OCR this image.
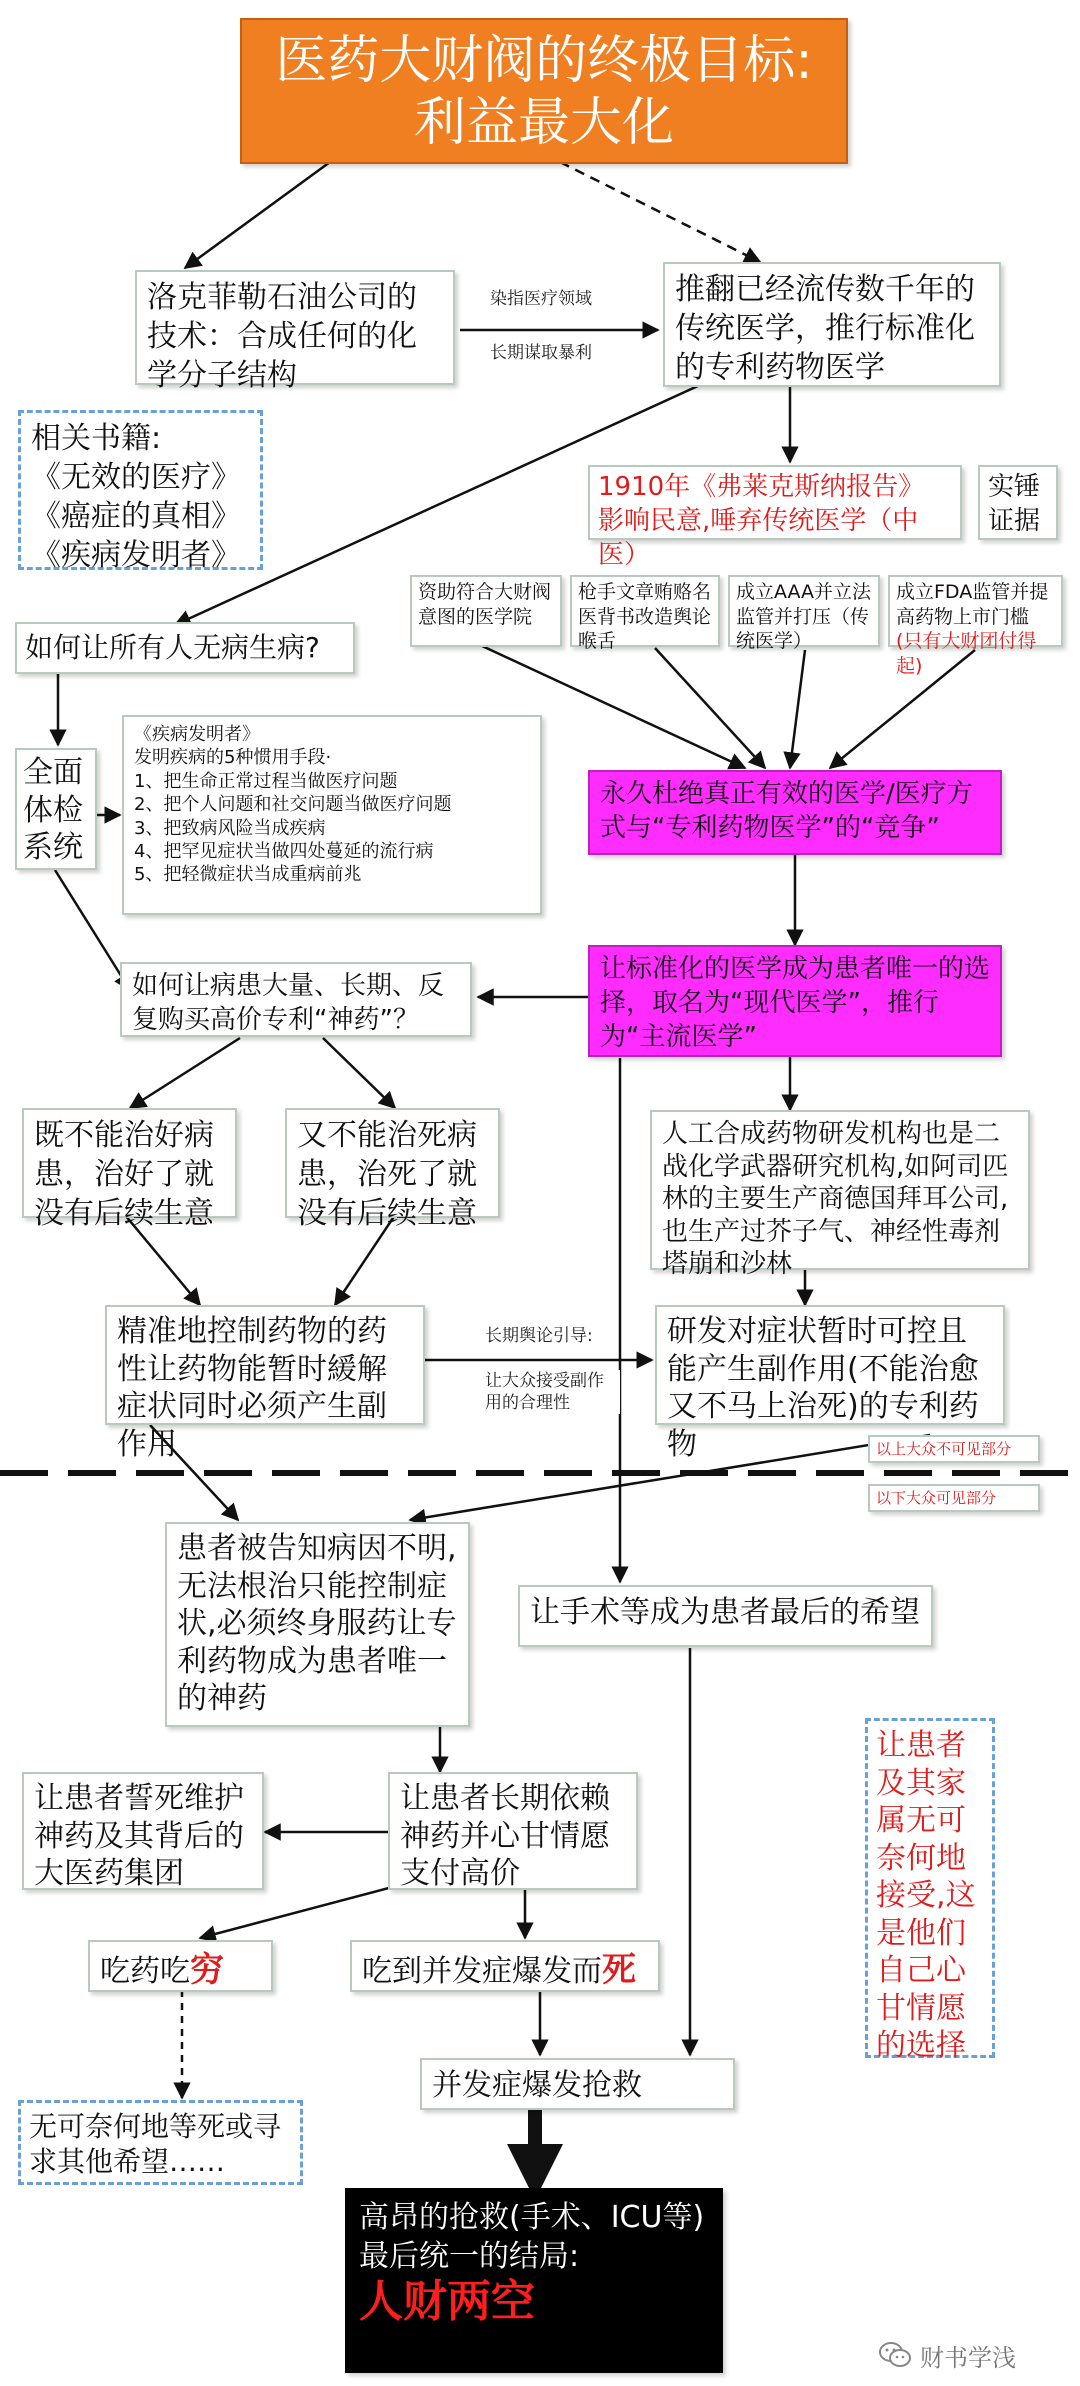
医药大财阀的终极目标:
利益最大化
洛克菲勒石油公司的技术：合成任何的化学分子结构
染指医疗领域
长期谋取暴利
推翻已经流传数千年的传统医学，推行标准化的专利药物医学
相关书籍:
《无效的医疗》
《癌症的真相》
《疾病发明者》
1910年《弗莱克斯纳报告》
影响民意,唾弃传统医学（中医）
实锤证据
资助符合大财阀意图的医学院
枪手文章贿赂名医背书改造舆论喉舌
成立AAA并立法监管并打压（传统医学）
成立FDA监管并提高药物上市门槛(只有大财团付得起)
如何让所有人无病生病?
全面体检系统
《疾病发明者》
发明疾病的5种惯用手段·
1、把生命正常过程当做医疗问题
2、把个人问题和社交问题当做医疗问题
3、把致病风险当成疾病
4、把罕见症状当做四处蔓延的流行病
5、把轻微症状当成重病前兆
永久杜绝真正有效的医学/医疗方式与“专利药物医学”的“竞争”
让标准化的医学成为患者唯一的选择，取名为“现代医学”，推行为“主流医学”
如何让病患大量、长期、反复购买高价专利“神药”？
既不能治好病患，治好了就没有后续生意
又不能治死病患，治死了就没有后续生意
人工合成药物研发机构也是二战化学武器研究机构,如阿司匹林的主要生产商德国拜耳公司,也生产过芥子气、神经性毒剂塔崩和沙林
精准地控制药物的药性让药物能暂时緩解症状同时必须产生副作用
长期舆论引导:
让大众接受副作用的合理性
研发对症状暂时可控且能产生副作用(不能治愈又不马上治死)的专利药物	以上大众不可见部分
以下大众可见部分
患者被告知病因不明,无法根治只能控制症状,必须终身服药让专利药物成为患者唯一的神药
让手术等成为患者最后的希望
让患者及其家属无可奈何地接受,这是他们自己心甘情愿的选择
让患者誓死维护神药及其背后的大医药集团
让患者长期依赖神药并心甘情愿支付高价
吃药吃穷	吃到并发症爆发而死
并发症爆发抢救
无可奈何地等死或寻求其他希望……
高昂的抢救(手术、ICU等)
最后统一的结局:
人财两空
财书学浅
